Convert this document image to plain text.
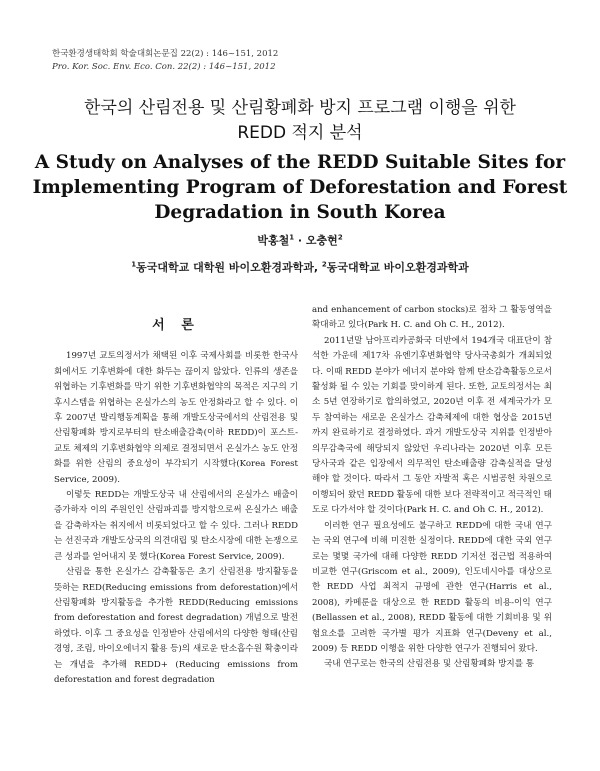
한국환경생태학회 학술대회논문집 22(2) : 146~151, 2012
Pro. Kor. Soc. Env. Eco. Con. 22(2) : 146~151, 2012
한국의 산림전용 및 산림황폐화 방지 프로그램 이행을 위한
REDD 적지 분석
A Study on Analyses of the REDD Suitable Sites for
Implementing Program of Deforestation and Forest
Degradation in South Korea
박홍철$^1$ · 오충현$^2$
$^1$동국대학교 대학원 바이오환경과학과, $^2$동국대학교 바이오환경과학과
서 론

1997년 교토의정서가 채택된 이후 국제사회를 비롯한 한국사회에서도 기후변화에 대한 화두는 끊이지 않았다. 인류의 생존을 위협하는 기후변화를 막기 위한 기후변화협약의 목적은 지구의 기후시스템을 위협하는 온실가스의 농도 안정화라고 할 수 있다. 이후 2007년 발리행동계획을 통해 개발도상국에서의 산림전용 및 산림황폐화 방지로부터의 탄소배출감축(이하 REDD)이 포스트-교토 체제의 기후변화협약 의제로 결정되면서 온실가스 농도 안정화를 위한 산림의 중요성이 부각되기 시작했다(Korea Forest Service, 2009).

이렇듯 REDD는 개발도상국 내 산림에서의 온실가스 배출이 증가하자 이의 주원인인 산림파괴를 방지함으로써 온실가스 배출을 감축하자는 취지에서 비롯되었다고 할 수 있다. 그러나 REDD는 선진국과 개발도상국의 의견대립 및 탄소시장에 대한 논쟁으로 큰 성과를 얻어내지 못 했다(Korea Forest Service, 2009).

산림을 통한 온실가스 감축활동은 초기 산림전용 방지활동을 뜻하는 RED(Reducing emissions from deforestation)에서 산림황폐화 방지활동을 추가한 REDD(Reducing emissions from deforestation and forest degradation) 개념으로 발전하였다. 이후 그 중요성을 인정받아 산림에서의 다양한 형태(산림경영, 조림, 바이오에너지 활용 등)의 새로운 탄소흡수원 확충이라는 개념을 추가해 REDD+ (Reducing emissions from deforestation and forest degradation

and enhancement of carbon stocks)로 점차 그 활동영역을 확대하고 있다(Park H. C. and Oh C. H., 2012).

2011년말 남아프리카공화국 더반에서 194개국 대표단이 참석한 가운데 제17차 유엔기후변화협약 당사국총회가 개최되었다. 이때 REDD 분야가 에너지 분야와 함께 탄소감축활동으로서 활성화 될 수 있는 기회를 맞이하게 된다. 또한, 교토의정서는 최소 5년 연장하기로 합의하였고, 2020년 이후 전 세계국가가 모두 참여하는 새로운 온실가스 감축체제에 대한 협상을 2015년까지 완료하기로 결정하였다. 과거 개발도상국 지위를 인정받아 의무감축국에 해당되지 않았던 우리나라는 2020년 이후 모든 당사국과 같은 입장에서 의무적인 탄소배출량 감축실적을 달성해야 할 것이다. 따라서 그 동안 자발적 혹은 시범공헌 차원으로 이행되어 왔던 REDD 활동에 대한 보다 전략적이고 적극적인 태도로 다가서야 할 것이다(Park H. C. and Oh C. H., 2012).

이러한 연구 필요성에도 불구하고 REDD에 대한 국내 연구는 국외 연구에 비해 미진한 실정이다. REDD에 대한 국외 연구로는 몇몇 국가에 대해 다양한 REDD 기저선 접근법 적용하여 비교한 연구(Griscom et al., 2009), 인도네시아를 대상으로 한 REDD 사업 최적지 규명에 관한 연구(Harris et al., 2008), 카메룬을 대상으로 한 REDD 활동의 비용-이익 연구(Bellassen et al., 2008), REDD 활동에 대한 기회비용 및 위험요소를 고려한 국가별 평가 지표화 연구(Deveny et al., 2009) 등 REDD 이행을 위한 다양한 연구가 진행되어 왔다.

국내 연구로는 한국의 산림전용 및 산림황폐화 방지를 통
